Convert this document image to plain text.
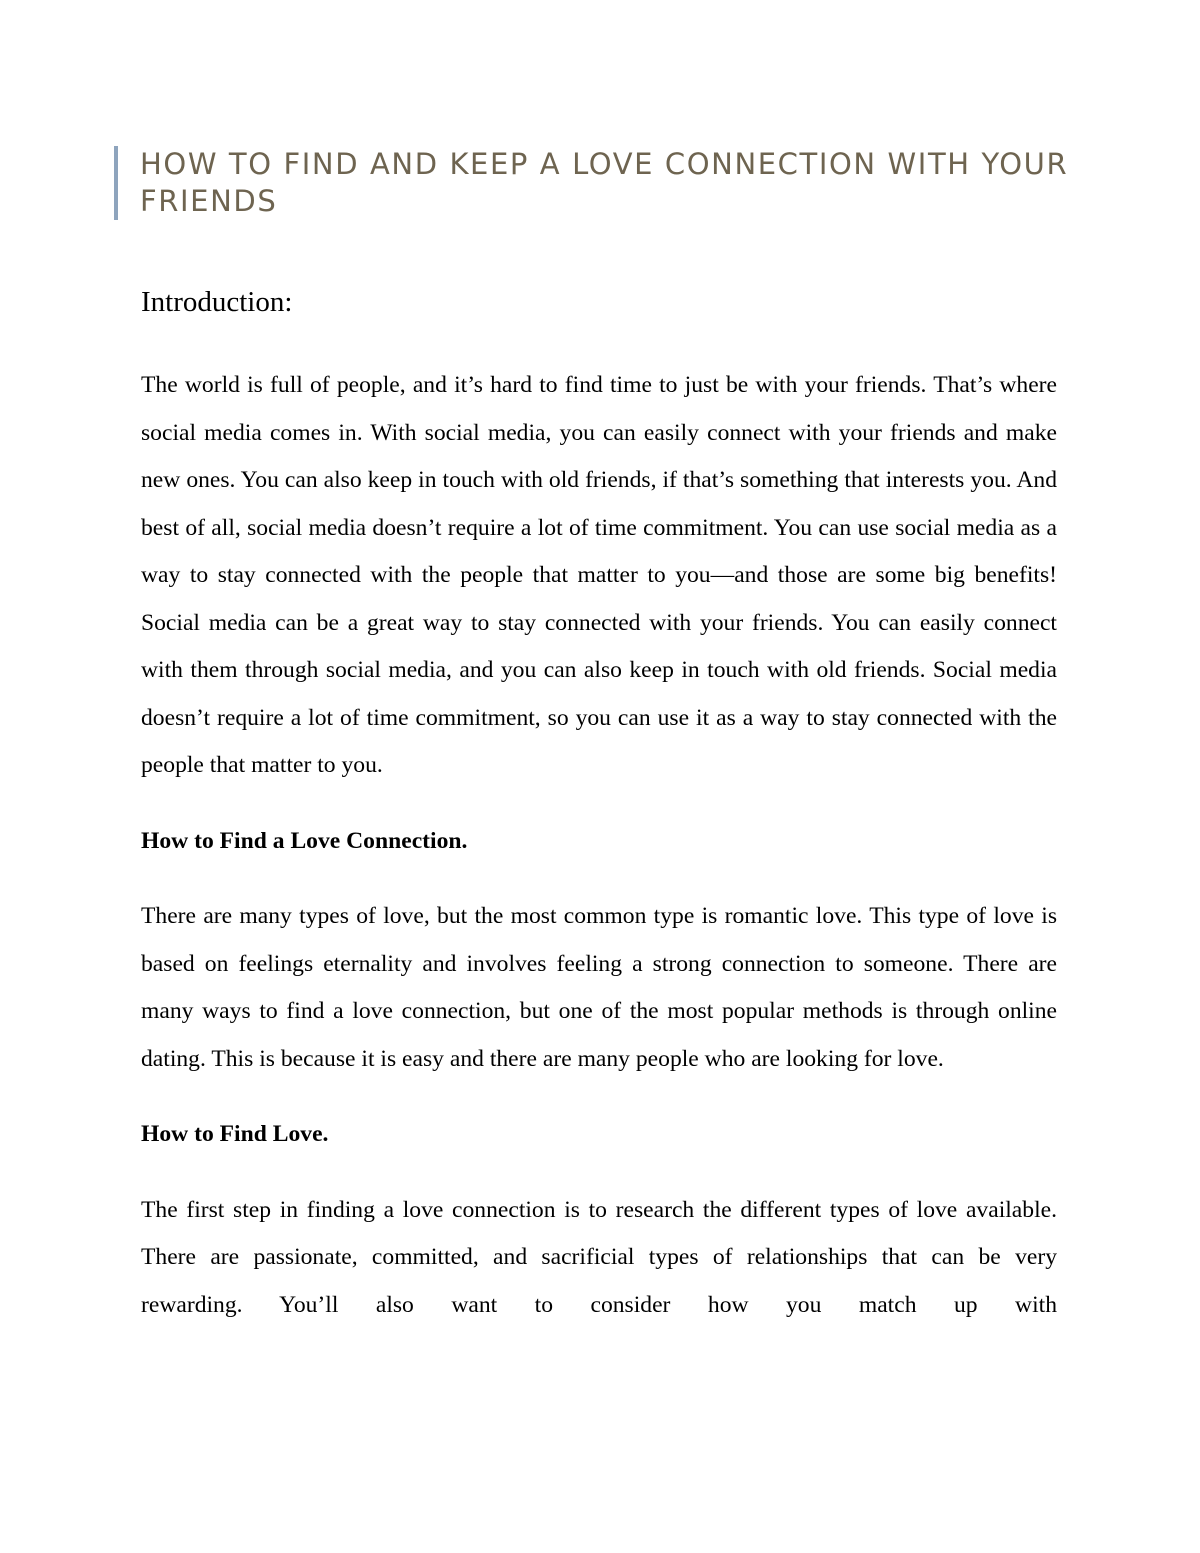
HOW TO FIND AND KEEP A LOVE CONNECTION WITH YOUR FRIENDS
Introduction:

The world is full of people, and it’s hard to find time to just be with your friends. That’s where social media comes in. With social media, you can easily connect with your friends and make new ones. You can also keep in touch with old friends, if that’s something that interests you. And best of all, social media doesn’t require a lot of time commitment. You can use social media as a way to stay connected with the people that matter to you—and those are some big benefits! Social media can be a great way to stay connected with your friends. You can easily connect with them through social media, and you can also keep in touch with old friends. Social media doesn’t require a lot of time commitment, so you can use it as a way to stay connected with the people that matter to you.

How to Find a Love Connection.

There are many types of love, but the most common type is romantic love. This type of love is based on feelings eternality and involves feeling a strong connection to someone. There are many ways to find a love connection, but one of the most popular methods is through online dating. This is because it is easy and there are many people who are looking for love.

How to Find Love.

The first step in finding a love connection is to research the different types of love available. There are passionate, committed, and sacrificial types of relationships that can be very rewarding. You’ll also want to consider how you match up with
